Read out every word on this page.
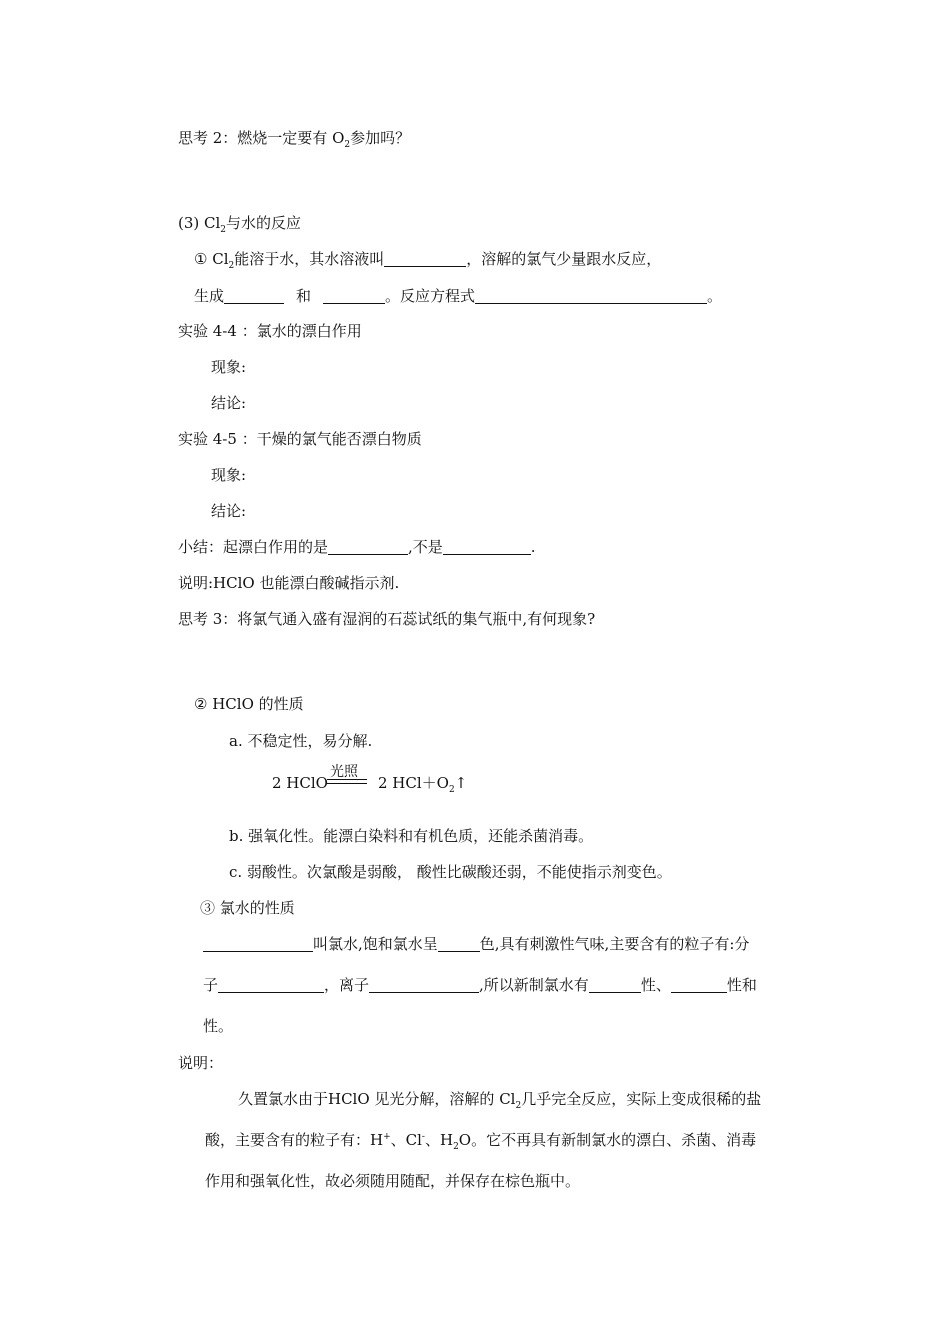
思考 2：燃烧一定要有 $O_2$参加吗？
(3) $Cl_2$与水的反应
① $Cl_2$能溶于水，其水溶液叫	，溶解的氯气少量跟水反应，
生成	和	。反应方程式	。
实验 4-4 ：氯水的漂白作用
现象:
结论:
实验 4-5 ：干燥的氯气能否漂白物质
现象:
结论:
小结：起漂白作用的是	,不是	.
说明:HClO 也能漂白酸碱指示剂.
思考 3：将氯气通入盛有湿润的石蕊试纸的集气瓶中,有何现象?
② HClO 的性质
a. 不稳定性，易分解.
2 HClO	2 $HCl+O_2↑$
光照
b. 强氧化性。能漂白染料和有机色质，还能杀菌消毒。
c. 弱酸性。次氯酸是弱酸， 酸性比碳酸还弱，不能使指示剂变色。
③ 氯水的性质
叫氯水,饱和氯水呈	色,具有刺激性气味,主要含有的粒子有:分
子	，离子	,所以新制氯水有	性、	性和
性。
说明：
久置氯水由于HClO 见光分解，溶解的 $Cl_2$几乎完全反应，实际上变成很稀的盐
酸，主要含有的粒子有：H+、Cl-、$H_2O$。它不再具有新制氯水的漂白、杀菌、消毒
作用和强氧化性，故必须随用随配，并保存在棕色瓶中。
